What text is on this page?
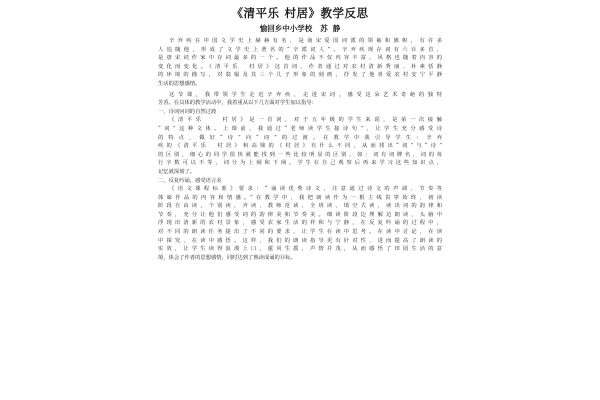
《清平乐 村居》教学反思
愉回乡中小学校 苏 静
辛弃疾在中国文学史上赫赫有名，是南宋爱国词派的领袖和旗帜，有许多
人追随他，形成了文学史上著名的“辛派词人”。辛弃疾现存词有六百多首，
是唐宋词作家中存词最多的一个。他的作品不仅内容丰富，风格也随着内容的
变化而变化。《清平乐　村居》这首词，作者通过对农村清新秀丽、朴素恬静
的环境的描写，对翁媪及其三个儿子形象的刻画，抒发了他喜爱农村安宁平静
生活的思想感情。
这节课，我带领学生走近辛弃疾，走进宋词，感受这朵艺术奇葩的独特
芳香。在具体的教学活动中，我着重从以下几方面对学生加以指导：
一、诗词问词的自然过渡
《清平乐　　村居》是一首词，对于五年级的学生来说，是第一次接触
“词”这种文体。上课前，我通过“老师读学生接诗句”，让学生充分感受诗
的特点，做好“诗”向“词”的过渡。在教学中我引导学生：辛弃
疾的《清平乐　村居》和高鼎的《村居》有什么不同，从而找出“词”与“诗”
的区别，细心的同学很快就能找到一些比较明显的区别，如：词有词牌名，词的每
行字数可以不等，词分为上阕和下阕。学生在自己观察后再来学习这些知识点，
记忆就深刻了。
二、反复吟诵，感受语言美
《语文课程标准》要求：“诵读优秀诗文，注意通过诗文的声调、节奏等
体味作品的内容和情感。”在教学中，我把朗读作为一根主线贯穿始终，初读
阶段自由读，个别读，齐读，教师范读，全班读，填空式读，读出词的韵律和
节奏，充分让他们感受词的韵律美和节奏美。细读阶段边理解边朗读，头脑中
浮现出清新的农村景象，感受农家生活的祥和与宁静，在反复吟诵的过程中，
对不同的朗读任务提出了不同的要求，让学生在读中思考。在读中讨论，在读
中探究，在读中感悟。这样，我们的朗读指导更有针对性，进而提高了朗读的
实效，让学生读得浪漫上口，蓮风生摇，声情并茂，从而感悟了田园生活的意
境，体会了作者的思想感情，同时达到了熟读成诵的目标。
